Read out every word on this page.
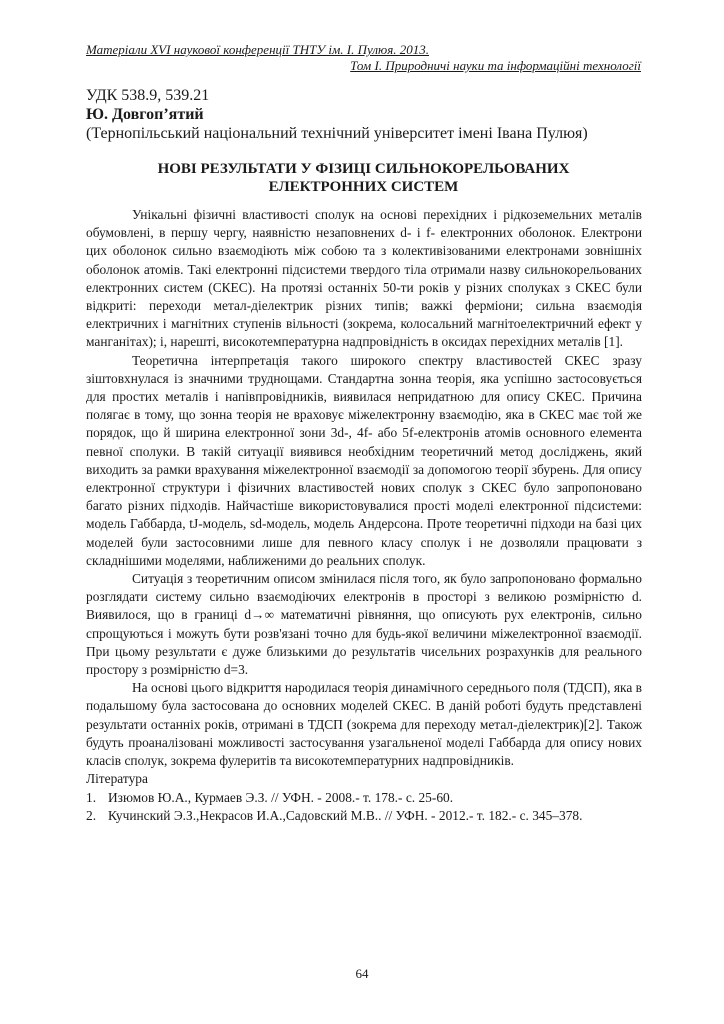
Матеріали XVІ наукової конференції ТНТУ ім. І. Пулюя. 2013.
Том І. Природничі науки та інформаційні технології
УДК 538.9, 539.21
Ю. Довгоп’ятий
(Тернопільський національний технічний університет імені Івана Пулюя)
НОВІ РЕЗУЛЬТАТИ У ФІЗИЦІ СИЛЬНОКОРЕЛЬОВАНИХ
ЕЛЕКТРОННИХ СИСТЕМ

Унікальні фізичні властивості сполук на основі перехідних і рідкоземельних металів обумовлені, в першу чергу, наявністю незаповнених d- і f- електронних оболонок. Електрони цих оболонок сильно взаємодіють між собою та з колективізованими електронами зовнішніх оболонок атомів. Такі електронні підсистеми твердого тіла отримали назву сильнокорельованих електронних систем (СКЕС). На протязі останніх 50-ти років у різних сполуках з СКЕС були відкриті: переходи метал-діелектрик різних типів; важкі ферміони; сильна взаємодія електричних і магнітних ступенів вільності (зокрема, колосальний магнітоелектричний ефект у манганітах); і, нарешті, високотемпературна надпровідність в оксидах перехідних металів [1].

Теоретична інтерпретація такого широкого спектру властивостей СКЕС зразу зіштовхнулася із значними труднощами. Стандартна зонна теорія, яка успішно застосовується для простих металів і напівпровідників, виявилася непридатною для опису СКЕС. Причина полягає в тому, що зонна теорія не враховує міжелектронну взаємодію, яка в СКЕС має той же порядок, що й ширина електронної зони 3d-, 4f- або 5f-електронів атомів основного елемента певної сполуки. В такій ситуації виявився необхідним теоретичний метод досліджень, який виходить за рамки врахування міжелектронної взаємодії за допомогою теорії збурень. Для опису електронної структури і фізичних властивостей нових сполук з СКЕС було запропоновано багато різних підходів. Найчастіше використовувалися прості моделі електронної підсистеми: модель Габбарда, tJ-модель, sd-модель, модель Андерсона. Проте теоретичні підходи на базі цих моделей були застосовними лише для певного класу сполук і не дозволяли працювати з складнішими моделями, наближеними до реальних сполук.

Ситуація з теоретичним описом змінилася після того, як було запропоновано формально розглядати систему сильно взаємодіючих електронів в просторі з великою розмірністю d. Виявилося, що в границі d→∞ математичні рівняння, що описують рух електронів, сильно спрощуються і можуть бути розв'язані точно для будь-якої величини міжелектронної взаємодії. При цьому результати є дуже близькими до результатів чисельних розрахунків для реального простору з розмірністю d=3.

На основі цього відкриття народилася теорія динамічного середнього поля (ТДСП), яка в подальшому була застосована до основних моделей СКЕС. В даній роботі будуть представлені результати останніх років, отримані в ТДСП (зокрема для переходу метал-діелектрик)[2]. Також будуть проаналізовані можливості застосування узагальненої моделі Габбарда для опису нових класів сполук, зокрема фулеритів та високотемпературних надпровідників.

Література
1. Изюмов Ю.А., Курмаев Э.З. // УФН. - 2008.- т. 178.- с. 25-60.
2. Кучинский Э.З.,Некрасов И.А.,Садовский М.В.. // УФН. - 2012.- т. 182.- с. 345–378.
64
